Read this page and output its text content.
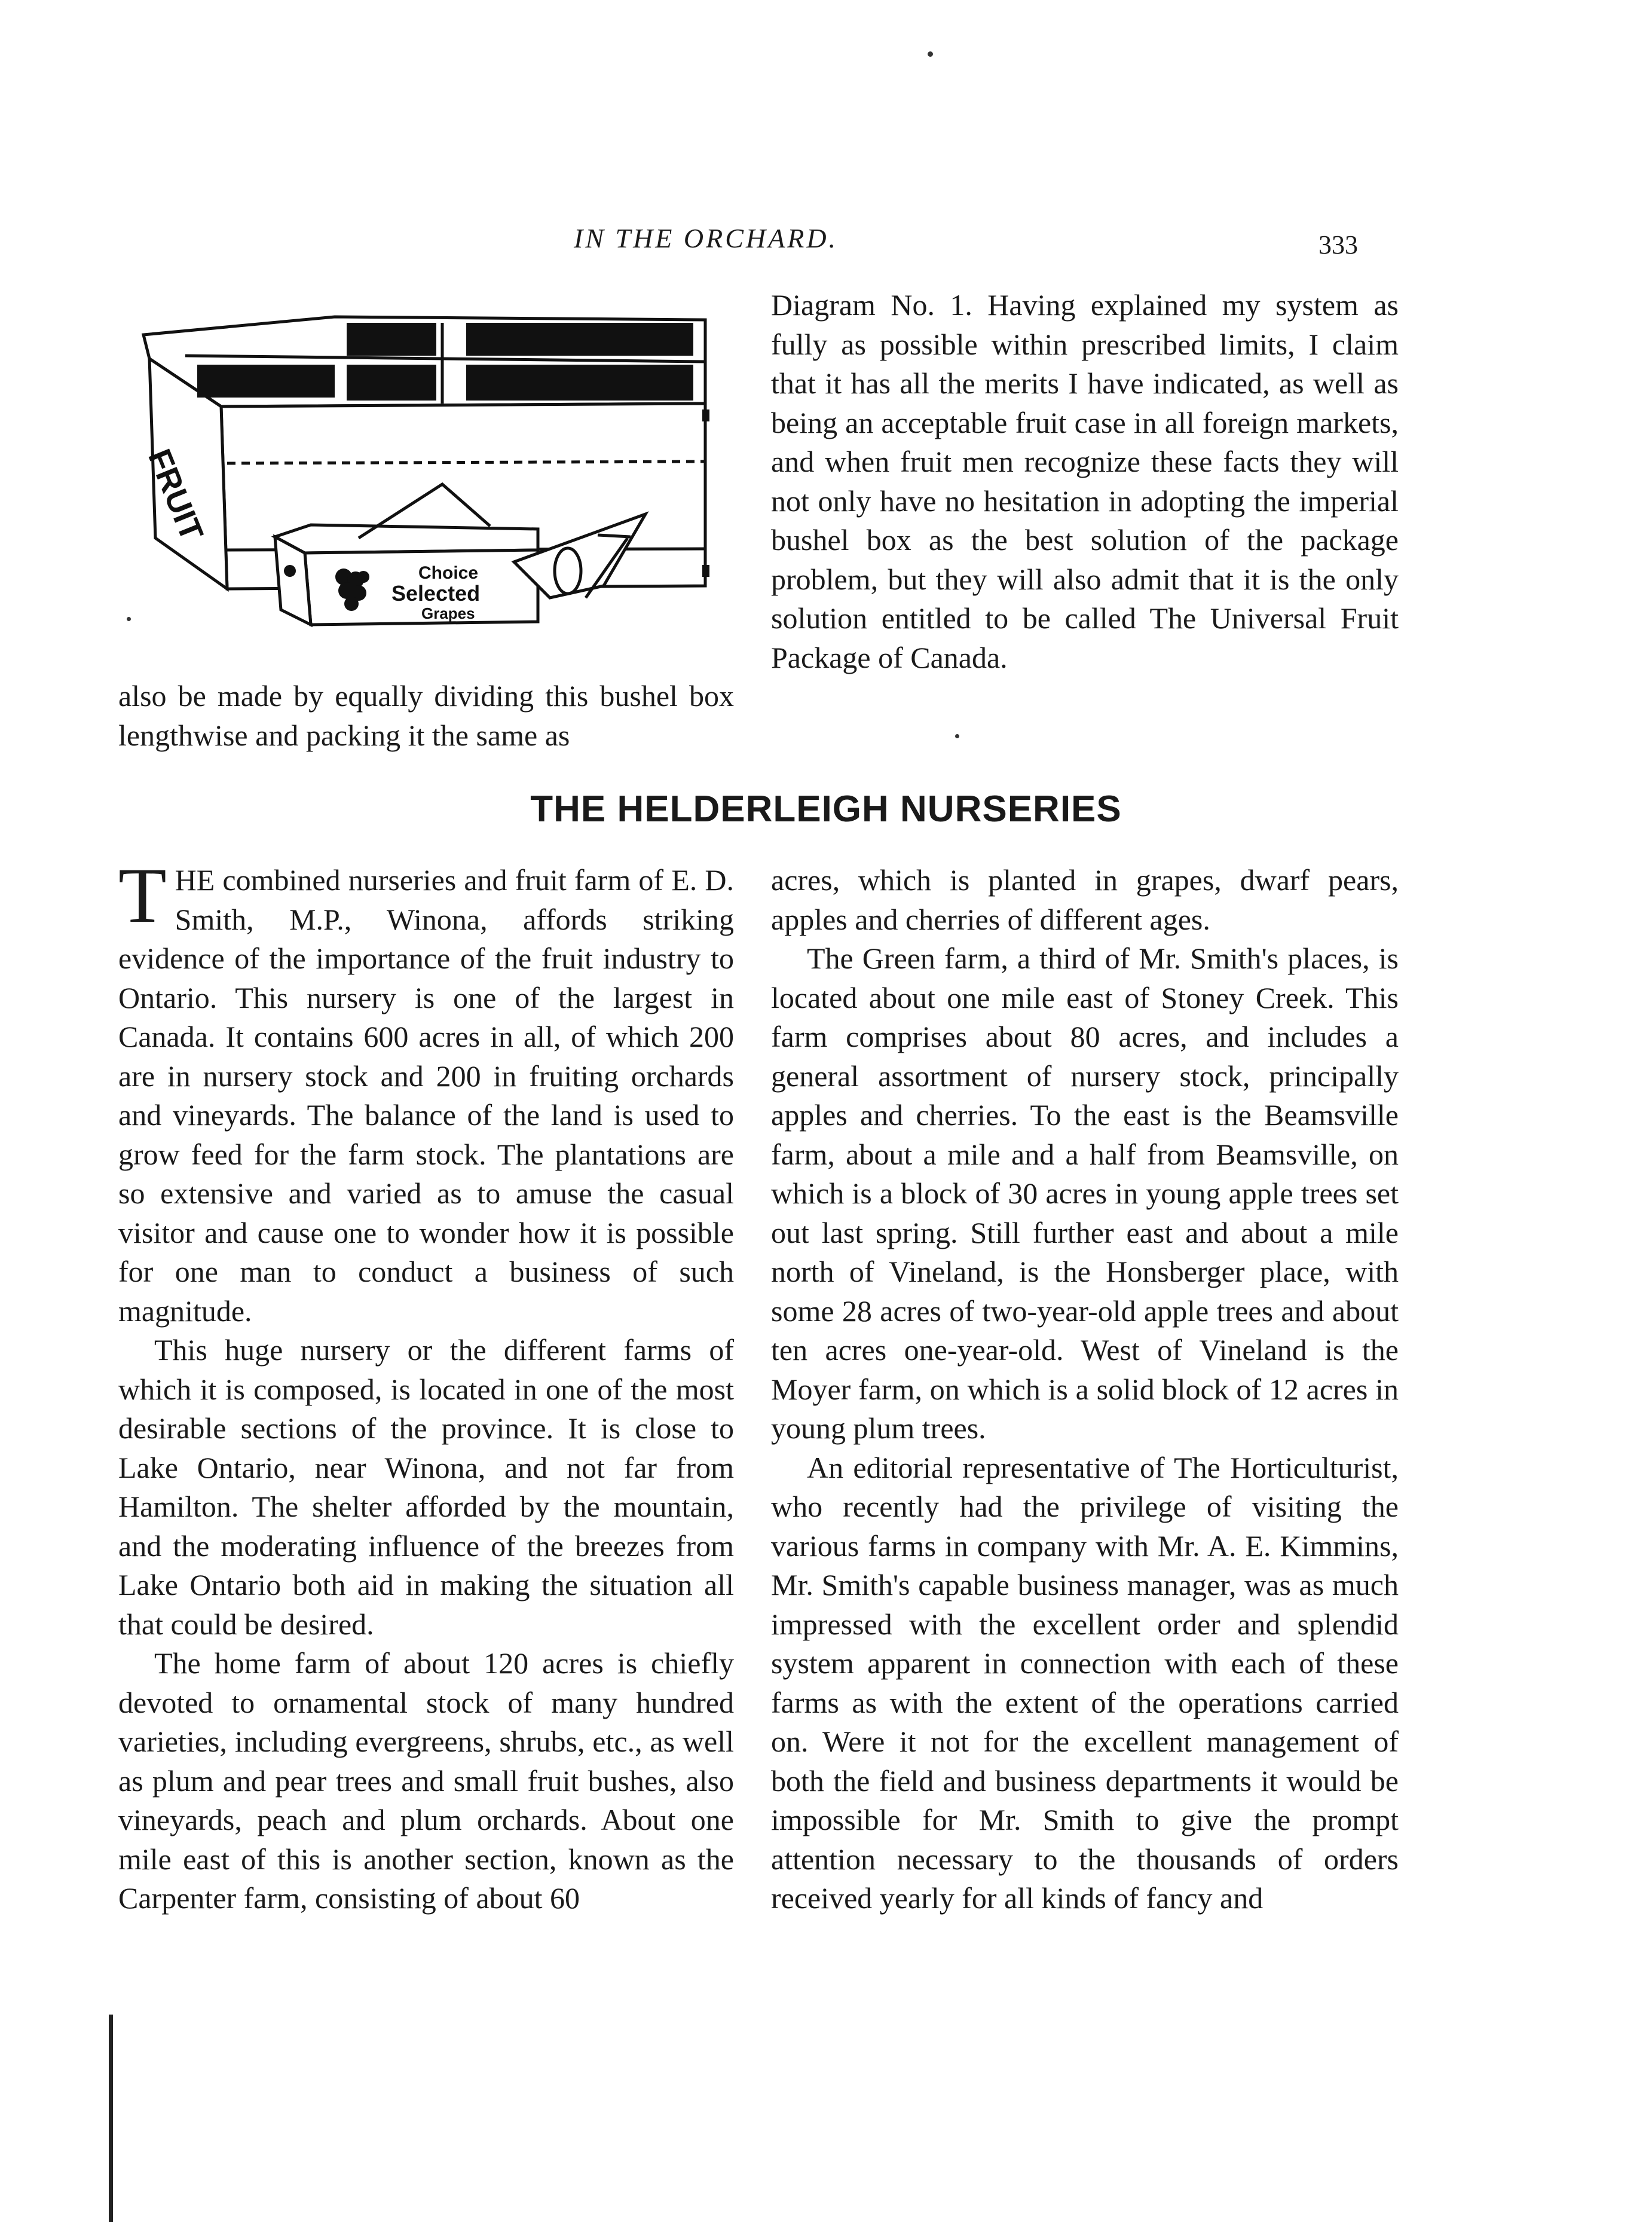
IN THE ORCHARD.	333
FRUIT
Choice Selected Grapes

also be made by equally dividing this bushel box lengthwise and packing it the same as

Diagram No. 1. Having explained my system as fully as possible within prescribed limits, I claim that it has all the merits I have indicated, as well as being an acceptable fruit case in all foreign markets, and when fruit men recognize these facts they will not only have no hesitation in adopting the imperial bushel box as the best solution of the package problem, but they will also admit that it is the only solution entitled to be called The Universal Fruit Package of Canada.

THE HELDERLEIGH NURSERIES

THE combined nurseries and fruit farm of E. D. Smith, M.P., Winona, affords striking evidence of the importance of the fruit industry to Ontario. This nursery is one of the largest in Canada. It contains 600 acres in all, of which 200 are in nursery stock and 200 in fruiting orchards and vineyards. The balance of the land is used to grow feed for the farm stock. The plantations are so extensive and varied as to amuse the casual visitor and cause one to wonder how it is possible for one man to conduct a business of such magnitude.

This huge nursery or the different farms of which it is composed, is located in one of the most desirable sections of the province. It is close to Lake Ontario, near Winona, and not far from Hamilton. The shelter afforded by the mountain, and the moderating influence of the breezes from Lake Ontario both aid in making the situation all that could be desired.

The home farm of about 120 acres is chiefly devoted to ornamental stock of many hundred varieties, including evergreens, shrubs, etc., as well as plum and pear trees and small fruit bushes, also vineyards, peach and plum orchards. About one mile east of this is another section, known as the Carpenter farm, consisting of about 60

acres, which is planted in grapes, dwarf pears, apples and cherries of different ages.

The Green farm, a third of Mr. Smith's places, is located about one mile east of Stoney Creek. This farm comprises about 80 acres, and includes a general assortment of nursery stock, principally apples and cherries. To the east is the Beamsville farm, about a mile and a half from Beamsville, on which is a block of 30 acres in young apple trees set out last spring. Still further east and about a mile north of Vineland, is the Honsberger place, with some 28 acres of two-year-old apple trees and about ten acres one-year-old. West of Vineland is the Moyer farm, on which is a solid block of 12 acres in young plum trees.

An editorial representative of The Horticulturist, who recently had the privilege of visiting the various farms in company with Mr. A. E. Kimmins, Mr. Smith's capable business manager, was as much impressed with the excellent order and splendid system apparent in connection with each of these farms as with the extent of the operations carried on. Were it not for the excellent management of both the field and business departments it would be impossible for Mr. Smith to give the prompt attention necessary to the thousands of orders received yearly for all kinds of fancy and
